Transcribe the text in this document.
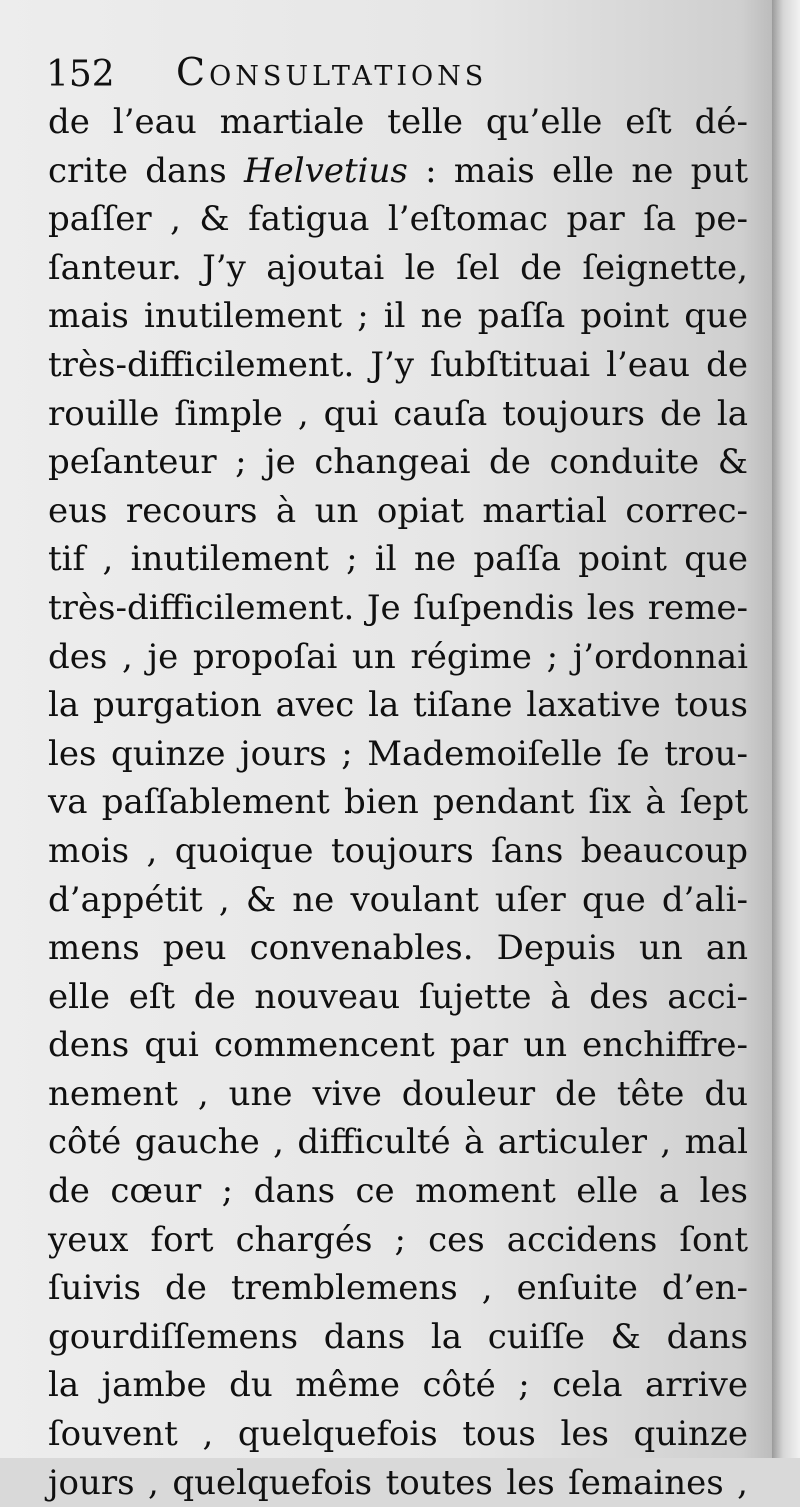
152 Consultations
de l’eau martiale telle qu’elle eſt dé-
crite dans Helvetius : mais elle ne put
paſſer , & fatigua l’eſtomac par ſa pe-
ſanteur. J’y ajoutai le ſel de ſeignette,
mais inutilement ; il ne paſſa point que
très-difficilement. J’y ſubſtituai l’eau de
rouille ſimple , qui cauſa toujours de la
peſanteur ; je changeai de conduite &
eus recours à un opiat martial correc-
tif , inutilement ; il ne paſſa point que
très-difficilement. Je ſuſpendis les reme-
des , je propoſai un régime ; j’ordonnai
la purgation avec la tiſane laxative tous
les quinze jours ; Mademoiſelle ſe trou-
va paſſablement bien pendant ſix à ſept
mois , quoique toujours ſans beaucoup
d’appétit , & ne voulant uſer que d’ali-
mens peu convenables. Depuis un an
elle eſt de nouveau ſujette à des acci-
dens qui commencent par un enchiffre-
nement , une vive douleur de tête du
côté gauche , difficulté à articuler , mal
de cœur ; dans ce moment elle a les
yeux fort chargés ; ces accidens ſont
ſuivis de tremblemens , enſuite d’en-
gourdiſſemens dans la cuiſſe & dans
la jambe du même côté ; cela arrive
ſouvent , quelquefois tous les quinze
jours , quelquefois toutes les ſemaines ,
